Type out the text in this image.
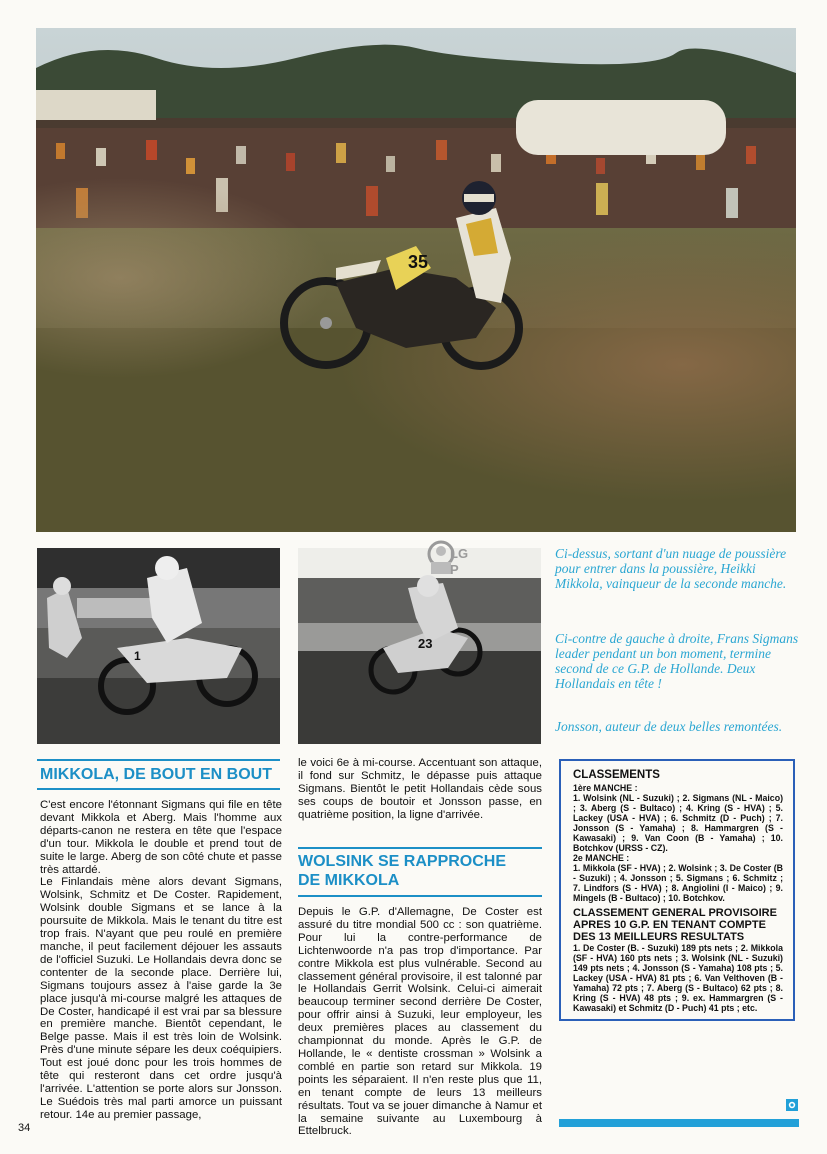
35
1
23
LG
P
Ci-dessus, sortant d'un nuage de poussière pour entrer dans la poussière, Heikki Mikkola, vainqueur de la seconde manche.
Ci-contre de gauche à droite, Frans Sigmans leader pendant un bon moment, termine second de ce G.P. de Hollande. Deux Hollandais en tête !
Jonsson, auteur de deux belles remontées.
MIKKOLA, DE BOUT EN BOUT

C'est encore l'étonnant Sigmans qui file en tête devant Mikkola et Aberg. Mais l'homme aux départs-canon ne restera en tête que l'espace d'un tour. Mikkola le double et prend tout de suite le large. Aberg de son côté chute et passe très attardé.

Le Finlandais mène alors devant Sigmans, Wolsink, Schmitz et De Coster. Rapidement, Wolsink double Sigmans et se lance à la poursuite de Mikkola. Mais le tenant du titre est trop frais. N'ayant que peu roulé en première manche, il peut facilement déjouer les assauts de l'officiel Suzuki. Le Hollandais devra donc se contenter de la seconde place. Derrière lui, Sigmans toujours assez à l'aise garde la 3e place jusqu'à mi-course malgré les attaques de De Coster, handicapé il est vrai par sa blessure en première manche. Bientôt cependant, le Belge passe. Mais il est très loin de Wolsink. Près d'une minute sépare les deux coéquipiers. Tout est joué donc pour les trois hommes de tête qui resteront dans cet ordre jusqu'à l'arrivée. L'attention se porte alors sur Jonsson. Le Suédois très mal parti amorce un puissant retour. 14e au premier passage,

le voici 6e à mi-course. Accentuant son attaque, il fond sur Schmitz, le dépasse puis attaque Sigmans. Bientôt le petit Hollandais cède sous ses coups de boutoir et Jonsson passe, en quatrième position, la ligne d'arrivée.
WOLSINK SE RAPPROCHE
DE MIKKOLA
Depuis le G.P. d'Allemagne, De Coster est assuré du titre mondial 500 cc : son quatrième. Pour lui la contre-performance de Lichtenwoorde n'a pas trop d'importance. Par contre Mikkola est plus vulnérable. Second au classement général provisoire, il est talonné par le Hollandais Gerrit Wolsink. Celui-ci aimerait beaucoup terminer second derrière De Coster, pour offrir ainsi à Suzuki, leur employeur, les deux premières places au classement du championnat du monde. Après le G.P. de Hollande, le « dentiste crossman » Wolsink a comblé en partie son retard sur Mikkola. 19 points les séparaient. Il n'en reste plus que 11, en tenant compte de leurs 13 meilleurs résultats. Tout va se jouer dimanche à Namur et la semaine suivante au Luxembourg à Ettelbruck.
CLASSEMENTS

1ère MANCHE :

1. Wolsink (NL - Suzuki) ; 2. Sigmans (NL - Maico) ; 3. Aberg (S - Bultaco) ; 4. Kring (S - HVA) ; 5. Lackey (USA - HVA) ; 6. Schmitz (D - Puch) ; 7. Jonsson (S - Yamaha) ; 8. Hammargren (S - Kawasaki) ; 9. Van Coon (B - Yamaha) ; 10. Botchkov (URSS - CZ).

2e MANCHE :

1. Mikkola (SF - HVA) ; 2. Wolsink ; 3. De Coster (B - Suzuki) ; 4. Jonsson ; 5. Sigmans ; 6. Schmitz ; 7. Lindfors (S - HVA) ; 8. Angiolini (I - Maico) ; 9. Mingels (B - Bultaco) ; 10. Botchkov.

CLASSEMENT GENERAL PROVISOIRE APRES 10 G.P. EN TENANT COMPTE DES 13 MEILLEURS RESULTATS

1. De Coster (B. - Suzuki) 189 pts nets ; 2. Mikkola (SF - HVA) 160 pts nets ; 3. Wolsink (NL - Suzuki) 149 pts nets ; 4. Jonsson (S - Yamaha) 108 pts ; 5. Lackey (USA - HVA) 81 pts ; 6. Van Velthoven (B - Yamaha) 72 pts ; 7. Aberg (S - Bultaco) 62 pts ; 8. Kring (S - HVA) 48 pts ; 9. ex. Hammargren (S - Kawasaki) et Schmitz (D - Puch) 41 pts ; etc.

34
